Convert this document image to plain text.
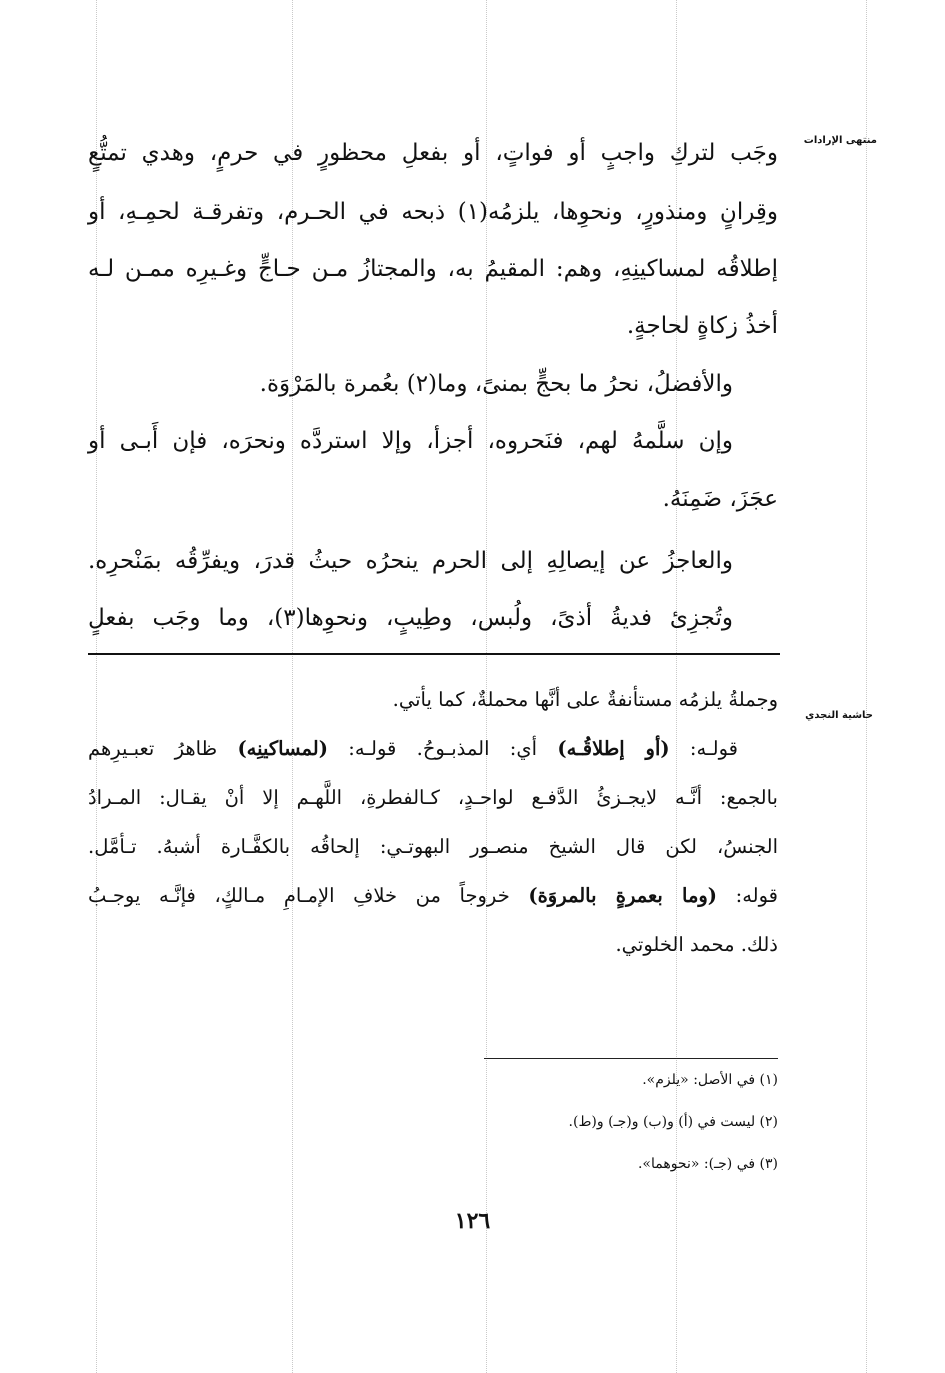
منتهى الإرادات
حاشية النجدي
وجَب لتركِ واجبٍ أو فواتٍ، أو بفعلِ محظورٍ في حرمٍ، وهدي تمتُّعٍ
وقِرانٍ ومنذورٍ، ونحوِها، يلزمُه(١) ذبحه في الحـرم، وتفرقـة لحمِـهِ، أو
إطلاقُه لمساكينِهِ، وهم: المقيمُ به، والمجتازُ مـن حـاجٍّ وغـيرِه ممـن لـه
أخذُ زكاةٍ لحاجةٍ.
والأفضلُ، نحرُ ما بحجٍّ بمنىً، وما(٢) بعُمرة بالمَرْوَة.
وإن سلَّمهُ لهم، فنَحروه، أجزأ، وإلا استردَّه ونحرَه، فإن أَبـى أو
عجَزَ، ضَمِنَهُ.
والعاجزُ عن إيصالِهِ إلى الحرم ينحرُه حيثُ قدرَ، ويفرِّقُه بمَنْحرِه.
وتُجزِئ فديةُ أذىً، ولُبس، وطِيبٍ، ونحوِها(٣)، وما وجَب بفعلٍ
وجملةُ يلزمُه مستأنفةٌ على أنَّها محملةٌ، كما يأتي.
قولـه: (أو إطلاقُـه) أي: المذبـوحُ. قولـه: (لمساكينِه) ظاهرُ تعبـيرِهم
بالجمع: أنَّـه لايجـزئُ الدَّفـع لواحـدٍ، كـالفطرةِ، اللَّهـم إلا أنْ يقـال: المـرادُ
الجنسُ، لكن قال الشيخ منصـور البهوتـي: إلحاقُه بالكفَّـارة أشبهُ. تـأمَّل.
قوله: (وما بعمرةٍ بالمروَة) خروجاً من خلافِ الإمـامِ مـالكٍ، فإنَّـه يوجـبُ
ذلك. محمد الخلوتي.
(١) في الأصل: «يلزم».
(٢) ليست في (أ) و(ب) و(جـ) و(ط).
(٣) في (جـ): «نحوهما».
١٢٦
